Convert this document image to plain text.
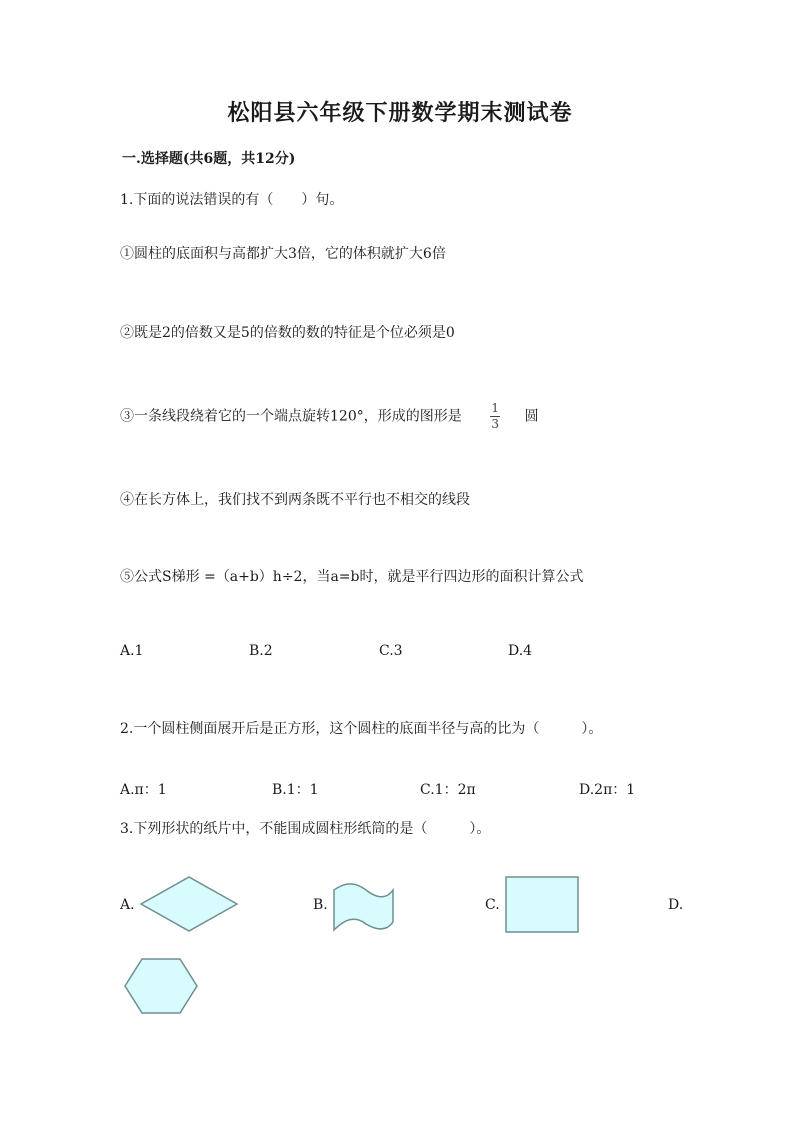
松阳县六年级下册数学期末测试卷
一.选择题(共6题，共12分)
1.下面的说法错误的有（　　）句。
①圆柱的底面积与高都扩大3倍，它的体积就扩大6倍
②既是2的倍数又是5的倍数的数的特征是个位必须是0
③一条线段绕着它的一个端点旋转120°，形成的图形是 $\frac{1}{3}$ 圆
④在长方体上，我们找不到两条既不平行也不相交的线段
⑤公式S梯形 =（a+b）h÷2，当a=b时，就是平行四边形的面积计算公式
A.1	B.2	C.3	D.4
2.一个圆柱侧面展开后是正方形，这个圆柱的底面半径与高的比为（　　　）。
A.π：1	B.1：1	C.1：2π	D.2π：1
3.下列形状的纸片中，不能围成圆柱形纸筒的是（　　　）。
A.	B.	C.	D.
